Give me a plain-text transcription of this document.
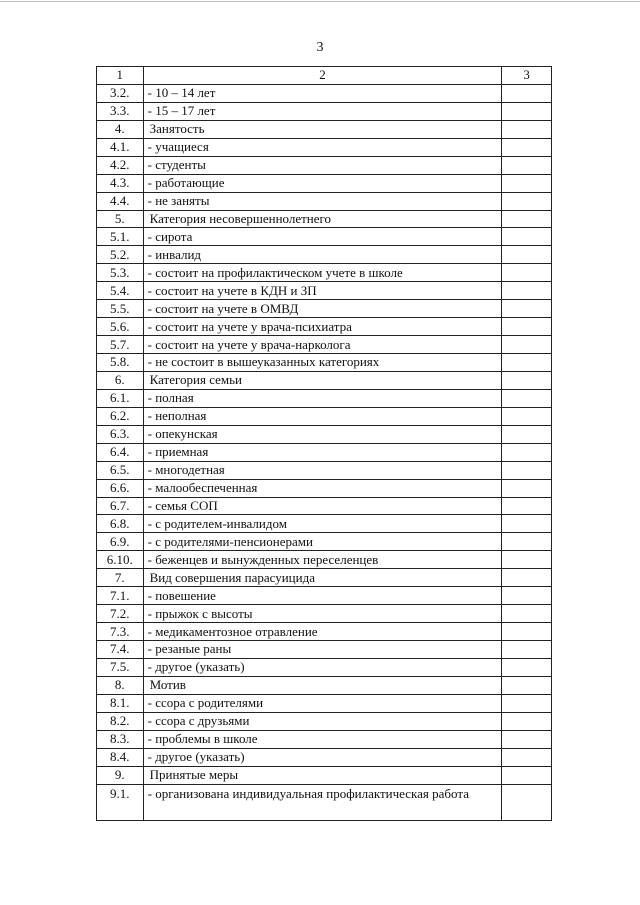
3
1	2	3
3.2.	- 10 – 14 лет	
3.3.	- 15 – 17 лет	
4.	Занятость	
4.1.	- учащиеся	
4.2.	- студенты	
4.3.	- работающие	
4.4.	- не заняты	
5.	Категория несовершеннолетнего	
5.1.	- сирота	
5.2.	- инвалид	
5.3.	- состоит на профилактическом учете в школе	
5.4.	- состоит на учете в КДН и ЗП	
5.5.	- состоит на учете в ОМВД	
5.6.	- состоит на учете у врача-психиатра	
5.7.	- состоит на учете у врача-нарколога	
5.8.	- не состоит в вышеуказанных категориях	
6.	Категория семьи	
6.1.	- полная	
6.2.	- неполная	
6.3.	- опекунская	
6.4.	- приемная	
6.5.	- многодетная	
6.6.	- малообеспеченная	
6.7.	- семья СОП	
6.8.	- с родителем-инвалидом	
6.9.	- с родителями-пенсионерами	
6.10.	- беженцев и вынужденных переселенцев	
7.	Вид совершения парасуицида	
7.1.	- повешение	
7.2.	- прыжок с высоты	
7.3.	- медикаментозное отравление	
7.4.	- резаные раны	
7.5.	- другое (указать)	
8.	Мотив	
8.1.	- ссора с родителями	
8.2.	- ссора с друзьями	
8.3.	- проблемы в школе	
8.4.	- другое (указать)	
9.	Принятые меры	
9.1.	- организована индивидуальная профилактическая работа	
